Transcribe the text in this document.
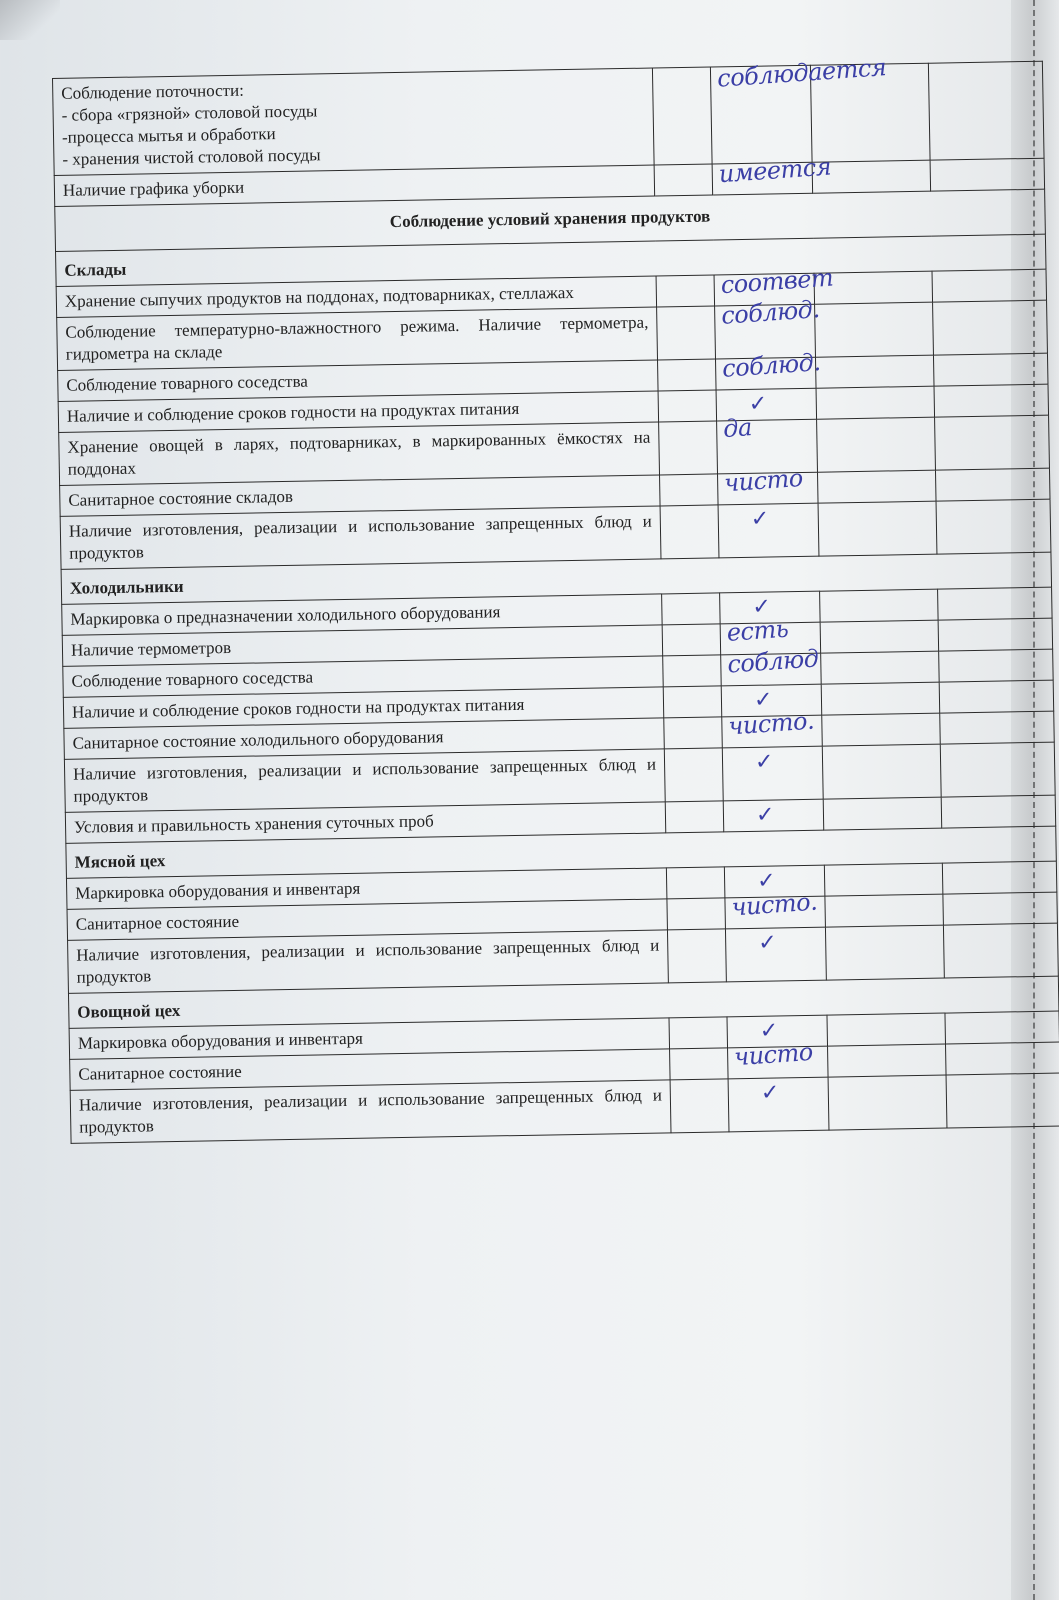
Соблюдение поточности:
- сбора «грязной» столовой посуды
-процесса мытья и обработки
- хранения чистой столовой посуды		соблюдается		

Наличие графика уборки		имеется		

Соблюдение условий хранения продуктов				
Склады				
Хранение сыпучих продуктов на поддонах, подтоварниках, стеллажах		соответ		

Соблюдение температурно-влажностного режима. Наличие термометра, гидрометра на складе		соблюд.		

Соблюдение товарного соседства		соблюд.		

Наличие и соблюдение сроков годности на продуктах питания		✓		

Хранение овощей в ларях, подтоварниках, в маркированных ёмкостях на поддонах		да		

Санитарное состояние складов		чисто		

Наличие изготовления, реализации и использование запрещенных блюд и продуктов		✓		

Холодильники				
Маркировка о предназначении холодильного оборудования		✓		

Наличие термометров		есть		

Соблюдение товарного соседства		соблюд		

Наличие и соблюдение сроков годности на продуктах питания		✓		

Санитарное состояние холодильного оборудования		чисто.		

Наличие изготовления, реализации и использование запрещенных блюд и продуктов		✓		

Условия и правильность хранения суточных проб		✓		

Мясной цех				
Маркировка оборудования и инвентаря		✓		

Санитарное состояние		чисто.		

Наличие изготовления, реализации и использование запрещенных блюд и продуктов		✓		

Овощной цех				
Маркировка оборудования и инвентаря		✓		

Санитарное состояние		чисто		

Наличие изготовления, реализации и использование запрещенных блюд и продуктов		✓		
